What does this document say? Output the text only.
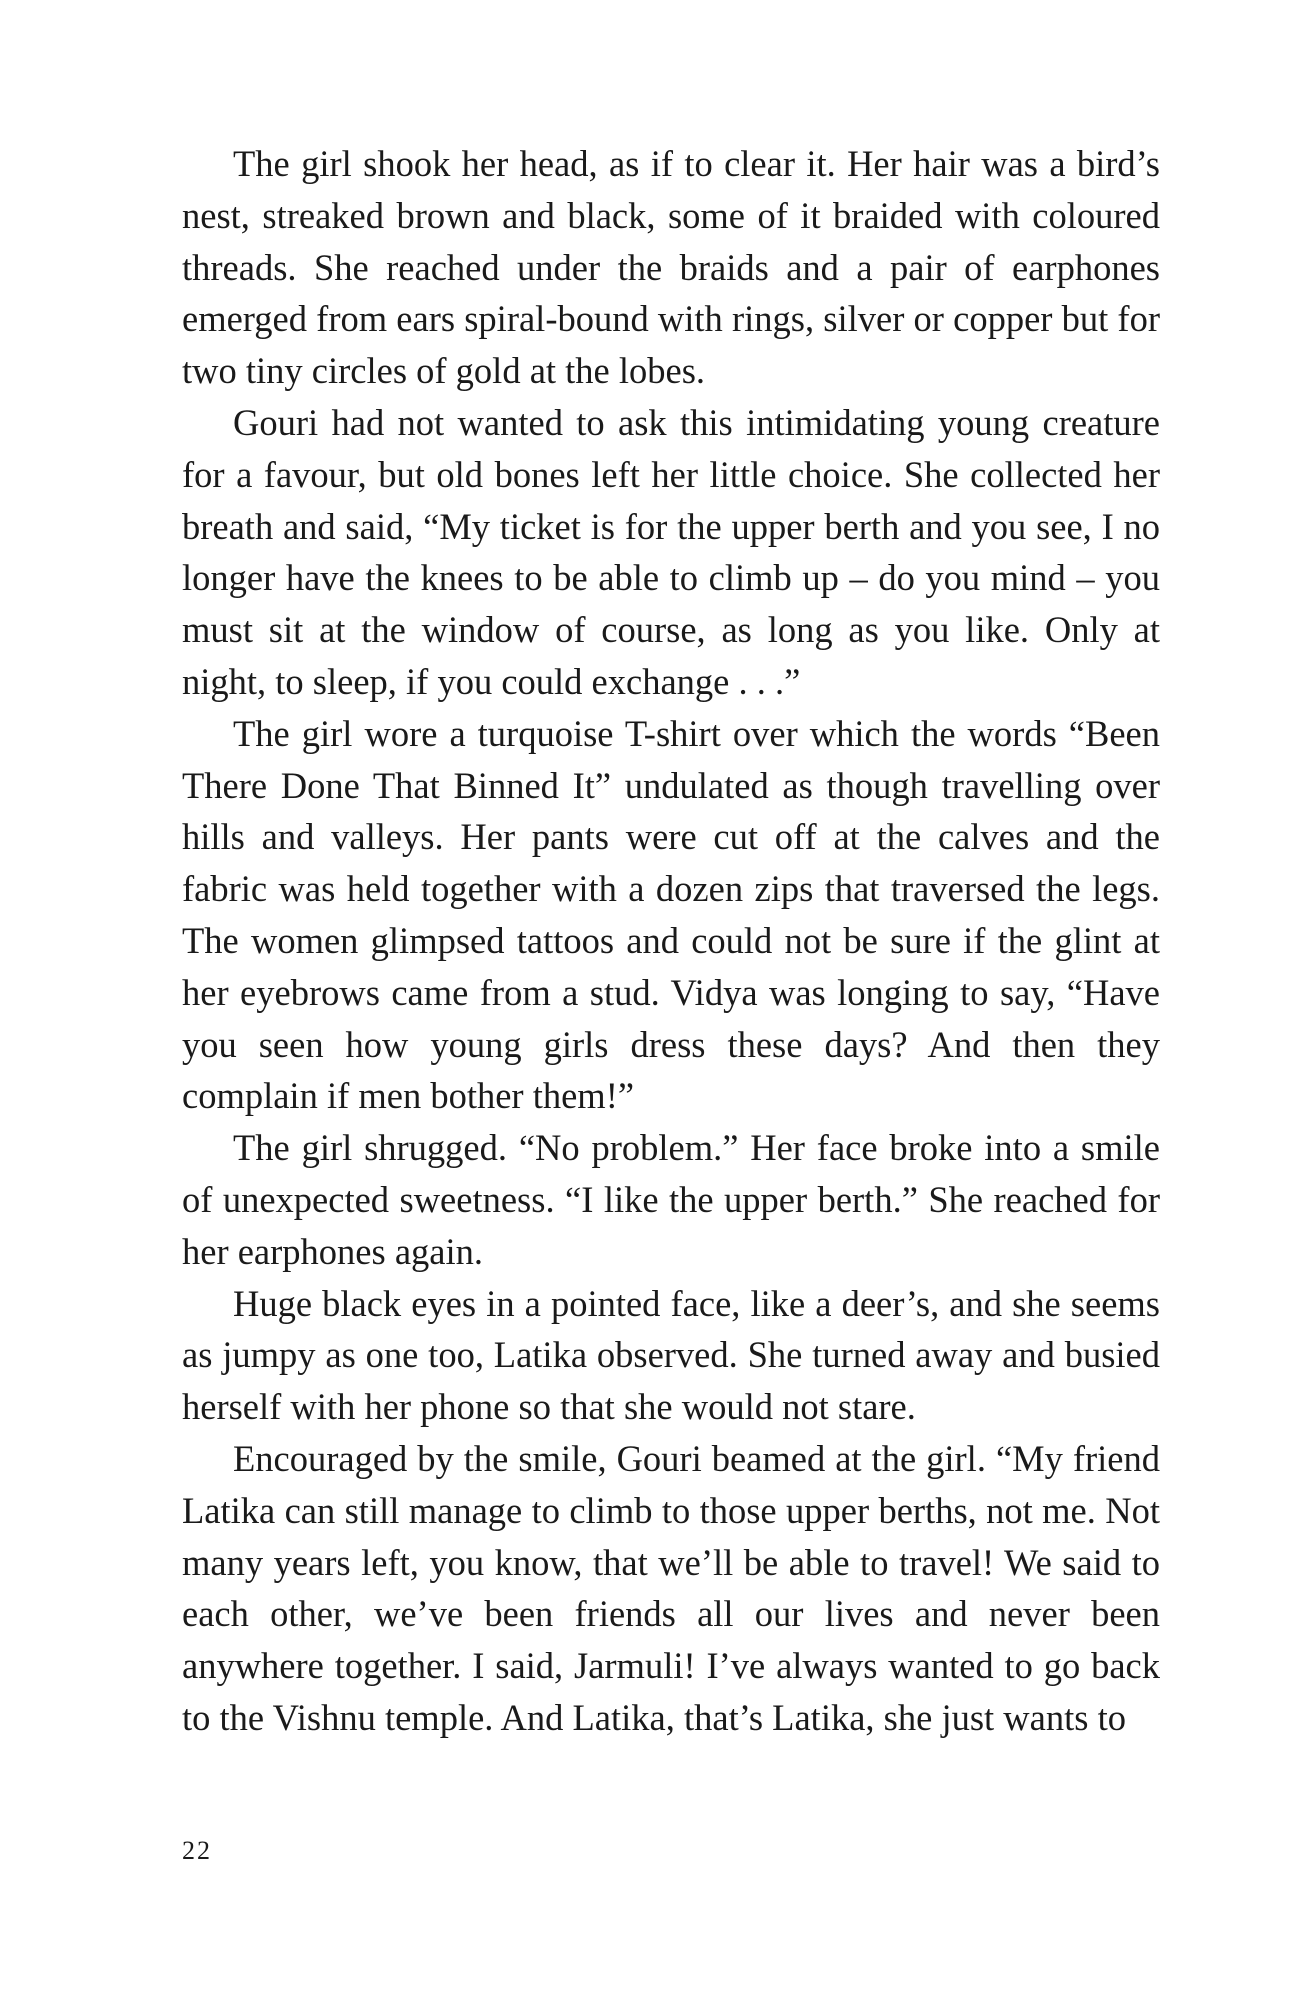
The girl shook her head, as if to clear it. Her hair was a bird’s nest, streaked brown and black, some of it braided with coloured threads. She reached under the braids and a pair of earphones emerged from ears spiral-bound with rings, silver or copper but for two tiny circles of gold at the lobes.

Gouri had not wanted to ask this intimidating young creature for a favour, but old bones left her little choice. She collected her breath and said, “My ticket is for the upper berth and you see, I no longer have the knees to be able to climb up – do you mind – you must sit at the window of course, as long as you like. Only at night, to sleep, if you could exchange . . .”

The girl wore a turquoise T-shirt over which the words “Been There Done That Binned It” undulated as though travelling over hills and valleys. Her pants were cut off at the calves and the fabric was held together with a dozen zips that traversed the legs. The women glimpsed tattoos and could not be sure if the glint at her eyebrows came from a stud. Vidya was longing to say, “Have you seen how young girls dress these days? And then they complain if men bother them!”

The girl shrugged. “No problem.” Her face broke into a smile of unexpected sweetness. “I like the upper berth.” She reached for her earphones again.

Huge black eyes in a pointed face, like a deer’s, and she seems as jumpy as one too, Latika observed. She turned away and busied herself with her phone so that she would not stare.

Encouraged by the smile, Gouri beamed at the girl. “My friend Latika can still manage to climb to those upper berths, not me. Not many years left, you know, that we’ll be able to travel! We said to each other, we’ve been friends all our lives and never been anywhere together. I said, Jarmuli! I’ve always wanted to go back to the Vishnu temple. And Latika, that’s Latika, she just wants to

22
